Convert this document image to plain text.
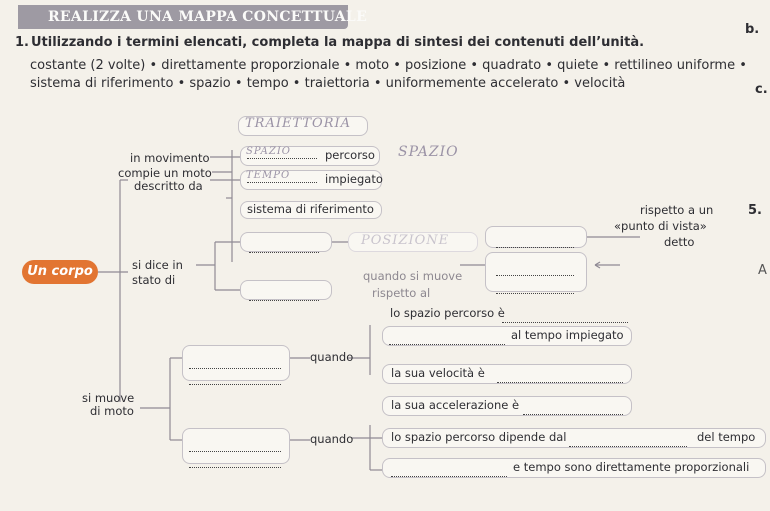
REALIZZA UNA MAPPA CONCETTUALE
b.
c.
5.
A
1. Utilizzando i termini elencati, completa la mappa di sintesi dei contenuti dell’unità.
costante (2 volte) • direttamente proporzionale • moto • posizione • quadrato • quiete • rettilineo uniforme •
sistema di riferimento • spazio • tempo • traiettoria • uniformemente accelerato • velocità
TRAIETTORIA
in movimento
compie un moto
descritto da
percorso SPAZIO
impiegato
sistema di riferimento
Un corpo	si dice in
stato di
POSIZIONE
rispetto a un
«punto di vista»
detto
quando si muove
rispetto al
si muove
di moto
quando
lo spazio percorso è
al tempo impiegato
la sua velocità è
la sua accelerazione è
quando	lo spazio percorso dipende dal	del tempo
e tempo sono direttamente proporzionali
SPAZIO
TEMPO
